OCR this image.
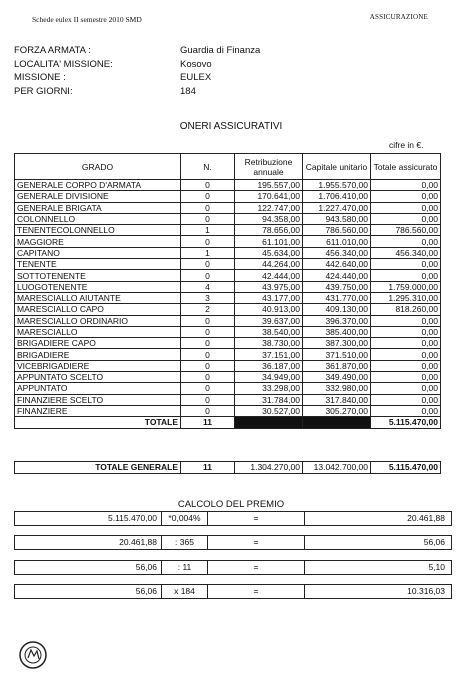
Schede eulex II semestre 2010 SMD	ASSICURAZIONE
FORZA ARMATA :	Guardia di Finanza
LOCALITA' MISSIONE:	Kosovo
MISSIONE :	EULEX
PER GIORNI:	184
ONERI ASSICURATIVI
cifre in €.
GRADO	N.	Retribuzione annuale	Capitale unitario	Totale assicurato
GENERALE CORPO D'ARMATA	0	195.557,00	1.955.570,00	0,00
GENERALE DIVISIONE	0	170.641,00	1.706.410,00	0,00
GENERALE BRIGATA	0	122.747,00	1.227.470,00	0,00
COLONNELLO	0	94.358,00	943.580,00	0,00
TENENTECOLONNELLO	1	78.656,00	786.560,00	786.560,00
MAGGIORE	0	61.101,00	611.010,00	0,00
CAPITANO	1	45.634,00	456.340,00	456.340,00
TENENTE	0	44.264,00	442.640,00	0,00
SOTTOTENENTE	0	42.444,00	424.440,00	0,00
LUOGOTENENTE	4	43.975,00	439.750,00	1.759.000,00
MARESCIALLO AIUTANTE	3	43.177,00	431.770,00	1.295.310,00
MARESCIALLO CAPO	2	40.913,00	409.130,00	818.260,00
MARESCIALLO ORDINARIO	0	39.637,00	396.370,00	0,00
MARESCIALLO	0	38.540,00	385.400,00	0,00
BRIGADIERE CAPO	0	38.730,00	387.300,00	0,00
BRIGADIERE	0	37.151,00	371.510,00	0,00
VICEBRIGADIERE	0	36.187,00	361.870,00	0,00
APPUNTATO SCELTO	0	34.949,00	349.490,00	0,00
APPUNTATO	0	33.298,00	332.980,00	0,00
FINANZIERE SCELTO	0	31.784,00	317.840,00	0,00
FINANZIERE	0	30.527,00	305.270,00	0,00
TOTALE	11			5.115.470,00
TOTALE GENERALE	11	1.304.270,00	13.042.700,00	5.115.470,00
CALCOLO DEL PREMIO
5.115.470,00	*0,004%	=	20.461,88
20.461,88	: 365	=	56,06
56,06	: 11	=	5,10
56,06	x 184	=	10.316,03
